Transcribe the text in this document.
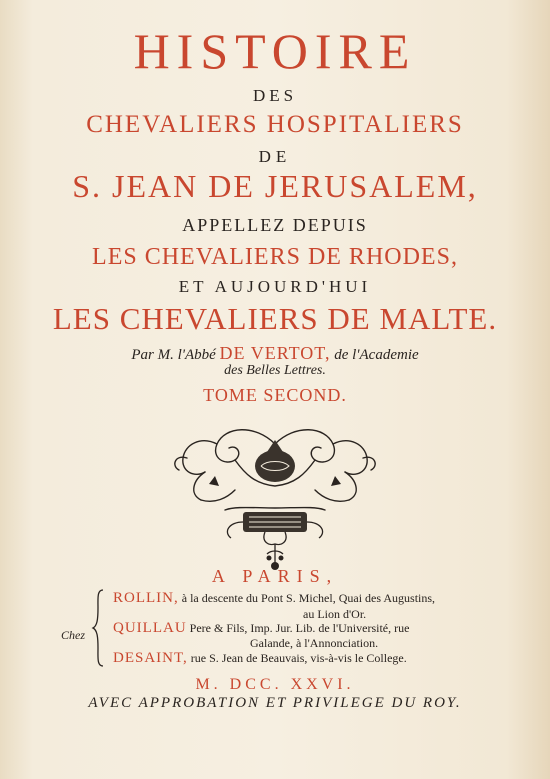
HISTOIRE
DES
CHEVALIERS HOSPITALIERS
DE
S. JEAN DE JERUSALEM,
APPELLEZ DEPUIS
LES CHEVALIERS DE RHODES,
ET AUJOURD'HUI
LES CHEVALIERS DE MALTE.
Par M. l'Abbé DE VERTOT, de l'Academie
des Belles Lettres.
TOME SECOND.
A PARIS,
Chez
ROLLIN, à la descente du Pont S. Michel, Quai des Augustins,
au Lion d'Or.
QUILLAU Pere & Fils, Imp. Jur. Lib. de l'Université, rue
Galande, à l'Annonciation.
DESAINT, rue S. Jean de Beauvais, vis-à-vis le College.
M. DCC. XXVI.
AVEC APPROBATION ET PRIVILEGE DU ROY.
